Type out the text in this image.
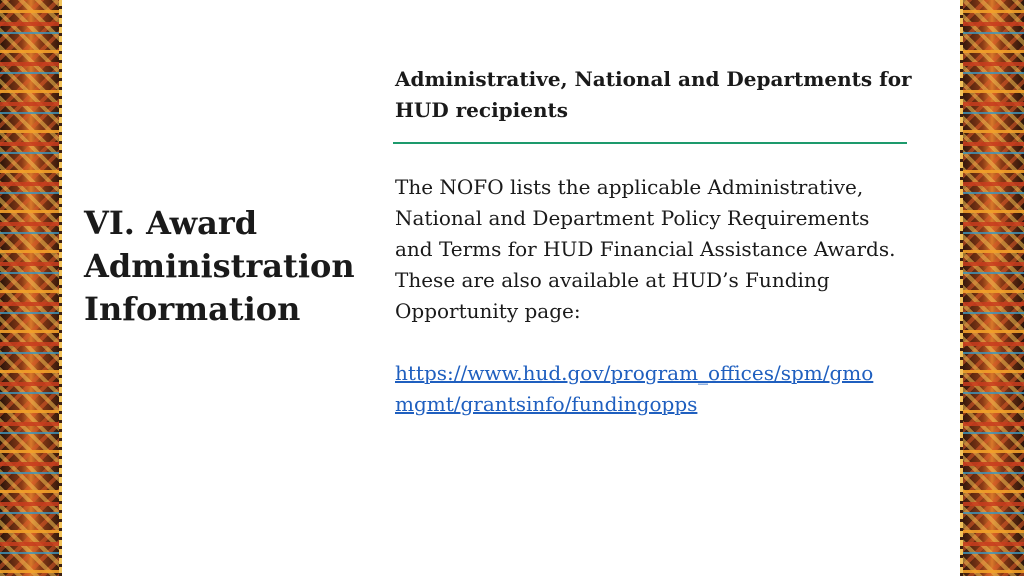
VI. Award
Administration
Information
Administrative, National and Departments for
HUD recipients
The NOFO lists the applicable Administrative,
National and Department Policy Requirements
and Terms for HUD Financial Assistance Awards.
These are also available at HUD’s Funding
Opportunity page:
https://www.hud.gov/program_offices/spm/gmo
mgmt/grantsinfo/fundingopps
